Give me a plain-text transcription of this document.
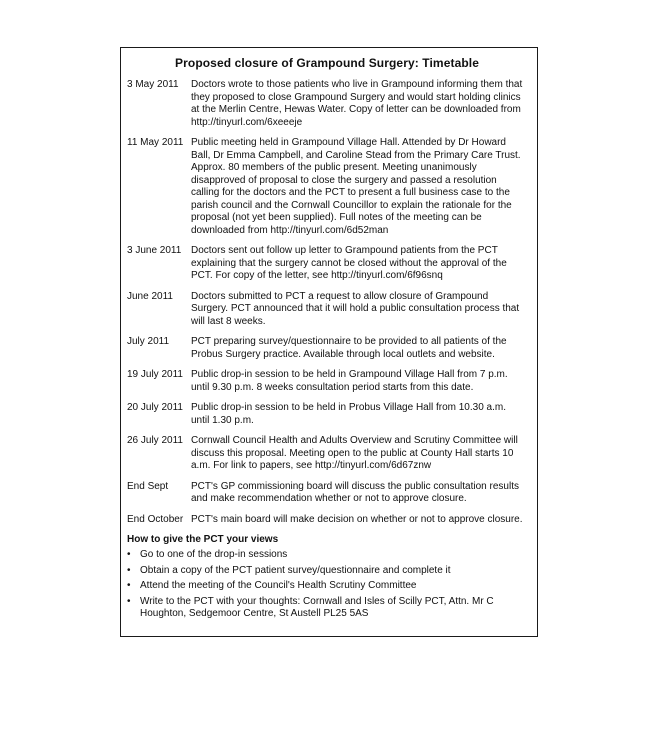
Proposed closure of Grampound Surgery: Timetable
3 May 2011	Doctors wrote to those patients who live in Grampound informing them that they proposed to close Grampound Surgery and would start holding clinics at the Merlin Centre, Hewas Water. Copy of letter can be downloaded from http://tinyurl.com/6xeeeje
11 May 2011 Public meeting held in Grampound Village Hall. Attended by Dr Howard Ball, Dr Emma Campbell, and Caroline Stead from the Primary Care Trust. Approx. 80 members of the public present. Meeting unanimously disapproved of proposal to close the surgery and passed a resolution calling for the doctors and the PCT to present a full business case to the parish council and the Cornwall Councillor to explain the rationale for the proposal (not yet been supplied). Full notes of the meeting can be downloaded from http://tinyurl.com/6d52man
3 June 2011 Doctors sent out follow up letter to Grampound patients from the PCT explaining that the surgery cannot be closed without the approval of the PCT. For copy of the letter, see http://tinyurl.com/6f96snq
June 2011	Doctors submitted to PCT a request to allow closure of Grampound Surgery. PCT announced that it will hold a public consultation process that will last 8 weeks.
July 2011	PCT preparing survey/questionnaire to be provided to all patients of the Probus Surgery practice. Available through local outlets and website.
19 July 2011 Public drop-in session to be held in Grampound Village Hall from 7 p.m. until 9.30 p.m. 8 weeks consultation period starts from this date.
20 July 2011 Public drop-in session to be held in Probus Village Hall from 10.30 a.m. until 1.30 p.m.
26 July 2011 Cornwall Council Health and Adults Overview and Scrutiny Committee will discuss this proposal. Meeting open to the public at County Hall starts 10 a.m. For link to papers, see http://tinyurl.com/6d67znw
End Sept	PCT's GP commissioning board will discuss the public consultation results and make recommendation whether or not to approve closure.
End October PCT's main board will make decision on whether or not to approve closure.
How to give the PCT your views
• Go to one of the drop-in sessions
• Obtain a copy of the PCT patient survey/questionnaire and complete it
• Attend the meeting of the Council's Health Scrutiny Committee
• Write to the PCT with your thoughts: Cornwall and Isles of Scilly PCT, Attn. Mr C Houghton, Sedgemoor Centre, St Austell PL25 5AS
